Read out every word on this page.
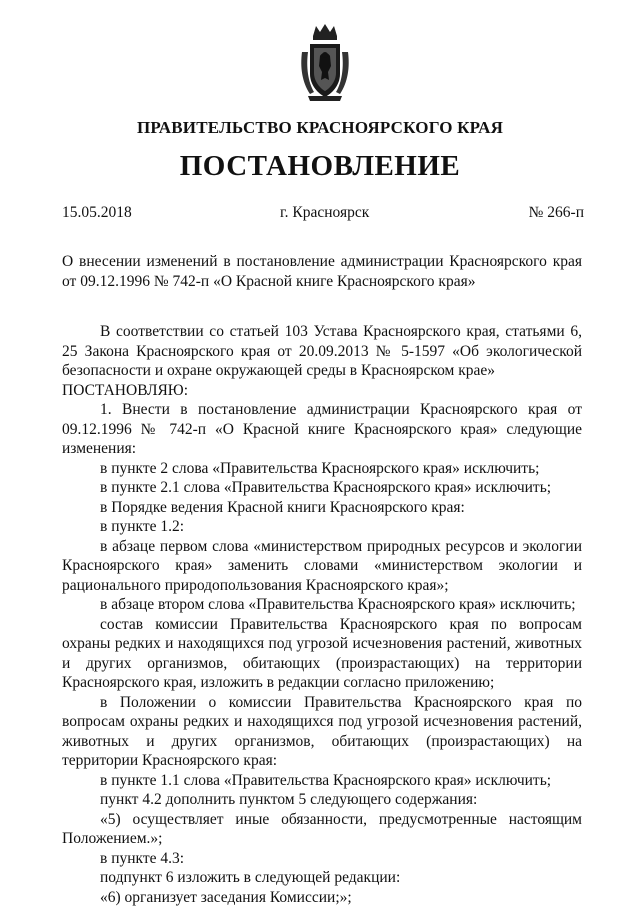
ПРАВИТЕЛЬСТВО КРАСНОЯРСКОГО КРАЯ
ПОСТАНОВЛЕНИЕ
15.05.2018	г. Красноярск	№ 266-п
О внесении изменений в постановление администрации Красноярского края от 09.12.1996 № 742-п «О Красной книге Красноярского края»

В соответствии со статьей 103 Устава Красноярского края, статьями 6, 25 Закона Красноярского края от 20.09.2013 № 5-1597 «Об экологической безопасности и охране окружающей среды в Красноярском крае»

ПОСТАНОВЛЯЮ:

1. Внести в постановление администрации Красноярского края от 09.12.1996 № 742-п «О Красной книге Красноярского края» следующие изменения:

в пункте 2 слова «Правительства Красноярского края» исключить;

в пункте 2.1 слова «Правительства Красноярского края» исключить;

в Порядке ведения Красной книги Красноярского края:

в пункте 1.2:

в абзаце первом слова «министерством природных ресурсов и экологии Красноярского края» заменить словами «министерством экологии и рационального природопользования Красноярского края»;

в абзаце втором слова «Правительства Красноярского края» исключить;

состав комиссии Правительства Красноярского края по вопросам охраны редких и находящихся под угрозой исчезновения растений, животных и других организмов, обитающих (произрастающих) на территории Красноярского края, изложить в редакции согласно приложению;

в Положении о комиссии Правительства Красноярского края по вопросам охраны редких и находящихся под угрозой исчезновения растений, животных и других организмов, обитающих (произрастающих) на территории Красноярского края:

в пункте 1.1 слова «Правительства Красноярского края» исключить;

пункт 4.2 дополнить пунктом 5 следующего содержания:

«5) осуществляет иные обязанности, предусмотренные настоящим Положением.»;

в пункте 4.3:

подпункт 6 изложить в следующей редакции:

«6) организует заседания Комиссии;»;
